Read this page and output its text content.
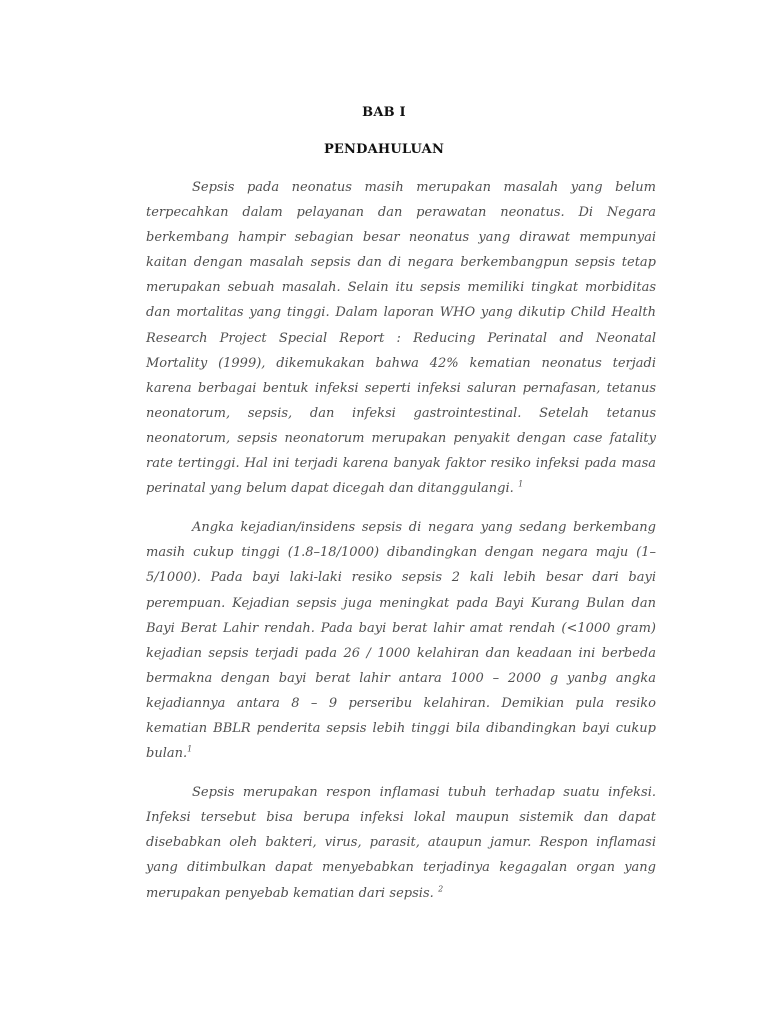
BAB I
PENDAHULUAN

Sepsis pada neonatus masih merupakan masalah yang belum terpecahkan dalam pelayanan dan perawatan neonatus. Di Negara berkembang hampir sebagian besar neonatus yang dirawat mempunyai kaitan dengan masalah sepsis dan di negara berkembangpun sepsis tetap merupakan sebuah masalah. Selain itu sepsis memiliki tingkat morbiditas dan mortalitas yang tinggi. Dalam laporan WHO yang dikutip Child Health Research Project Special Report : Reducing Perinatal and Neonatal Mortality (1999), dikemukakan bahwa 42% kematian neonatus terjadi karena berbagai bentuk infeksi seperti infeksi saluran pernafasan, tetanus neonatorum, sepsis, dan infeksi gastrointestinal. Setelah tetanus neonatorum, sepsis neonatorum merupakan penyakit dengan case fatality rate tertinggi. Hal ini terjadi karena banyak faktor resiko infeksi pada masa perinatal yang belum dapat dicegah dan ditanggulangi. $^1$

Angka kejadian/insidens sepsis di negara yang sedang berkembang masih cukup tinggi (1.8–18/1000) dibandingkan dengan negara maju (1–5/1000). Pada bayi laki-laki resiko sepsis 2 kali lebih besar dari bayi perempuan. Kejadian sepsis juga meningkat pada Bayi Kurang Bulan dan Bayi Berat Lahir rendah. Pada bayi berat lahir amat rendah (<1000 gram) kejadian sepsis terjadi pada 26 / 1000 kelahiran dan keadaan ini berbeda bermakna dengan bayi berat lahir antara 1000 – 2000 g yanbg angka kejadiannya antara 8 – 9 perseribu kelahiran. Demikian pula resiko kematian BBLR penderita sepsis lebih tinggi bila dibandingkan bayi cukup bulan.$^1$

Sepsis merupakan respon inflamasi tubuh terhadap suatu infeksi. Infeksi tersebut bisa berupa infeksi lokal maupun sistemik dan dapat disebabkan oleh bakteri, virus, parasit, ataupun jamur. Respon inflamasi yang ditimbulkan dapat menyebabkan terjadinya kegagalan organ yang merupakan penyebab kematian dari sepsis. $^2$
